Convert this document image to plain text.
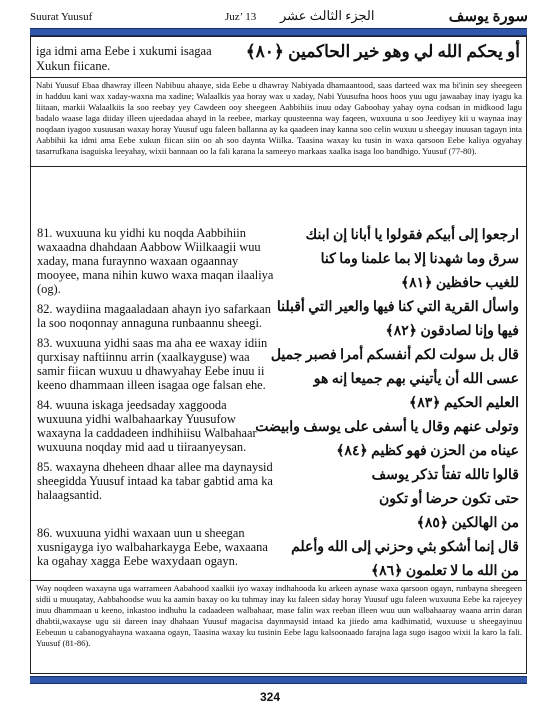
Suurat Yuusuf	Juz’ 13 الجزء الثالث عشر	سورة يوسف
iga idmi ama Eebe i xukumi isagaa Xukun fiicane.
أو يحكم الله لي وهو خير الحاكمين ﴿٨٠﴾
Nabi Yuusuf Ebaa dhawray illeen Nabibuu ahaaye, sida Eebe u dhawray Nabiyada dhamaantood, saas darteed wax ma bi'inin sey sheegeen in hadduu kani wax xaday-waxna ma xadine; Walaalkis yaa horay wax u xaday, Nabi Yuusufna hoos hoos yuu ugu jawaabay inay iyagu ka liitaan, markii Walaalkiis la soo reebay yey Cawdeen ooy sheegeen Aabbihiis inuu oday Gaboobay yahay oyna codsan in midkood lagu badalo waase laga diiday illeen ujeedadaa ahayd in la reebee, markay quusteenna way faqeen, wuxuuna u soo Jeediyey kii u waynaa inay noqdaan iyagoo xusuusan waxay horay Yuusuf ugu faleen ballanna ay ka qaadeen inay kanna soo celin wuxuu u sheegay inuusan tagayn inta Aabbihii ka idmi ama Eebe xukun fiican siin oo ah soo daynta Wiilka. Taasina waxay ku tusin in waxa qarsoon Eebe kaliya ogyahay tasarrufkana isaguiska leeyahay, wixii bannaan oo la fali karana la sameeyo markaas xaalka isaga loo bandhigo. Yuusuf (77-80).

81. wuxuuna ku yidhi ku noqda Aabbihiin waxaadna dhahdaan Aabbow Wiilkaagii wuu xaday, mana furaynno waxaan ogaannay mooyee, mana nihin kuwo waxa maqan ilaaliya (og).

82. waydiina magaaladaan ahayn iyo safarkaan la soo noqonnay annaguna runbaannu sheegi.

83. wuxuuna yidhi saas ma aha ee waxay idiin qurxisay naftiinnu arrin (xaalkayguse) waa samir fiican wuxuu u dhawyahay Eebe inuu ii keeno dhammaan illeen isagaa oge falsan ehe.

84. wuuna iskaga jeedsaday xaggooda wuxuuna yidhi walbahaarkay Yuusufow waxayna la caddadeen indhihiisu Walbahaar wuxuuna noqday mid aad u tiiraanyeysan.

85. waxayna dheheen dhaar allee ma daynaysid sheegidda Yuusuf intaad ka tabar gabtid ama ka halaagsantid.

86. wuxuuna yidhi waxaan uun u sheegan xusnigayga iyo walbaharkayga Eebe, waxaana ka ogahay xagga Eebe waxydaan ogayn.

ارجعوا إلى أبيكم فقولوا يا أبانا إن ابنك
سرق وما شهدنا إلا بما علمنا وما كنا
للغيب حافظين ﴿٨١﴾
واسأل القرية التي كنا فيها والعير التي أقبلنا
فيها وإنا لصادقون ﴿٨٢﴾
قال بل سولت لكم أنفسكم أمرا فصبر جميل
عسى الله أن يأتيني بهم جميعا إنه هو
العليم الحكيم ﴿٨٣﴾
وتولى عنهم وقال يا أسفى على يوسف وابيضت
عيناه من الحزن فهو كظيم ﴿٨٤﴾
قالوا تالله تفتأ تذكر يوسف
حتى تكون حرضا أو تكون
من الهالكين ﴿٨٥﴾
قال إنما أشكو بثي وحزني إلى الله وأعلم
من الله ما لا تعلمون ﴿٨٦﴾
Way noqdeen waxayna uga warrameen Aabahood xaalkii iyo waxay indhahooda ku arkeen aynase waxa qarsoon ogayn, runbayna sheegeen sidii u muuqatay, Aabbahoodse wuu ka aamin baxay oo ku tuhmay inay ku faleen siday horay Yuusuf ugu faleen wuxuuna Eebe ka rajeeyey inuu dhammaan u keeno, inkastoo indhuhu la cadaadeen walbahaar, mase falin wax reeban illeen wuu uun walbahaaray waana arrin daran dhabtii,waxayse ugu sii dareen inay dhahaan Yuusuf magacisa daynmaysid intaad ka jiiedo ama kadhimatid, wuxuuse u sheegayinuu Eebeuun u cabanogyahayna waxaana ogayn, Taasina waxay ku tusinin Eebe lagu kalsoonaado farajna laga sugo isagoo wixii la karo la fali. Yuusuf (81-86).
324
